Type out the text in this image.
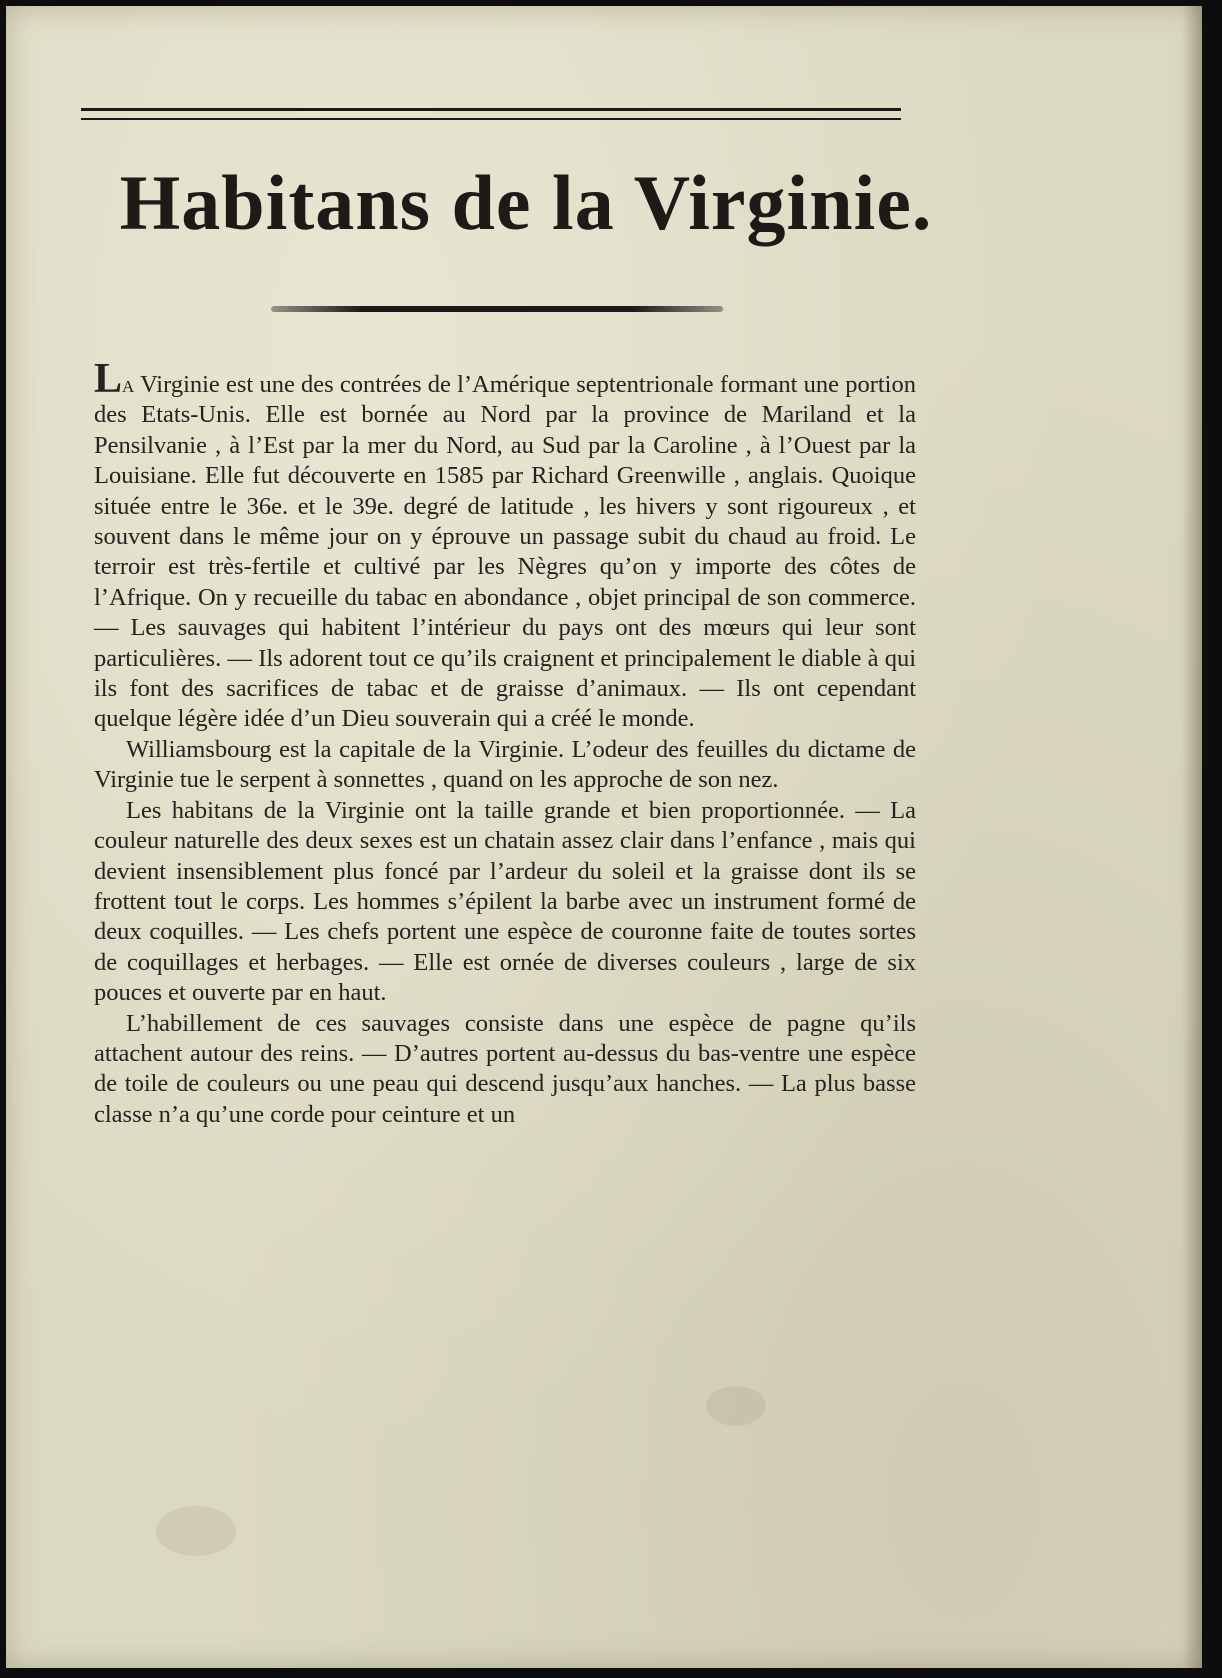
Habitans de la Virginie.

La Virginie est une des contrées de l’Amérique septentrionale formant une portion des Etats-Unis. Elle est bornée au Nord par la province de Mariland et la Pensilvanie , à l’Est par la mer du Nord, au Sud par la Caroline , à l’Ouest par la Louisiane. Elle fut découverte en 1585 par Richard Greenwille , anglais. Quoique située entre le 36e. et le 39e. degré de latitude , les hivers y sont rigoureux , et souvent dans le même jour on y éprouve un passage subit du chaud au froid. Le terroir est très-fertile et cultivé par les Nègres qu’on y importe des côtes de l’Afrique. On y recueille du tabac en abondance , objet principal de son commerce. — Les sauvages qui habitent l’intérieur du pays ont des mœurs qui leur sont particulières. — Ils adorent tout ce qu’ils craignent et principalement le diable à qui ils font des sacrifices de tabac et de graisse d’animaux. — Ils ont cependant quelque légère idée d’un Dieu souverain qui a créé le monde.

Williamsbourg est la capitale de la Virginie. L’odeur des feuilles du dictame de Virginie tue le serpent à sonnettes , quand on les approche de son nez.

Les habitans de la Virginie ont la taille grande et bien proportionnée. — La couleur naturelle des deux sexes est un chatain assez clair dans l’enfance , mais qui devient insensiblement plus foncé par l’ardeur du soleil et la graisse dont ils se frottent tout le corps. Les hommes s’épilent la barbe avec un instrument formé de deux coquilles. — Les chefs portent une espèce de couronne faite de toutes sortes de coquillages et herbages. — Elle est ornée de diverses couleurs , large de six pouces et ouverte par en haut.

L’habillement de ces sauvages consiste dans une espèce de pagne qu’ils attachent autour des reins. — D’autres portent au-dessus du bas-ventre une espèce de toile de couleurs ou une peau qui descend jusqu’aux hanches. — La plus basse classe n’a qu’une corde pour ceinture et un
